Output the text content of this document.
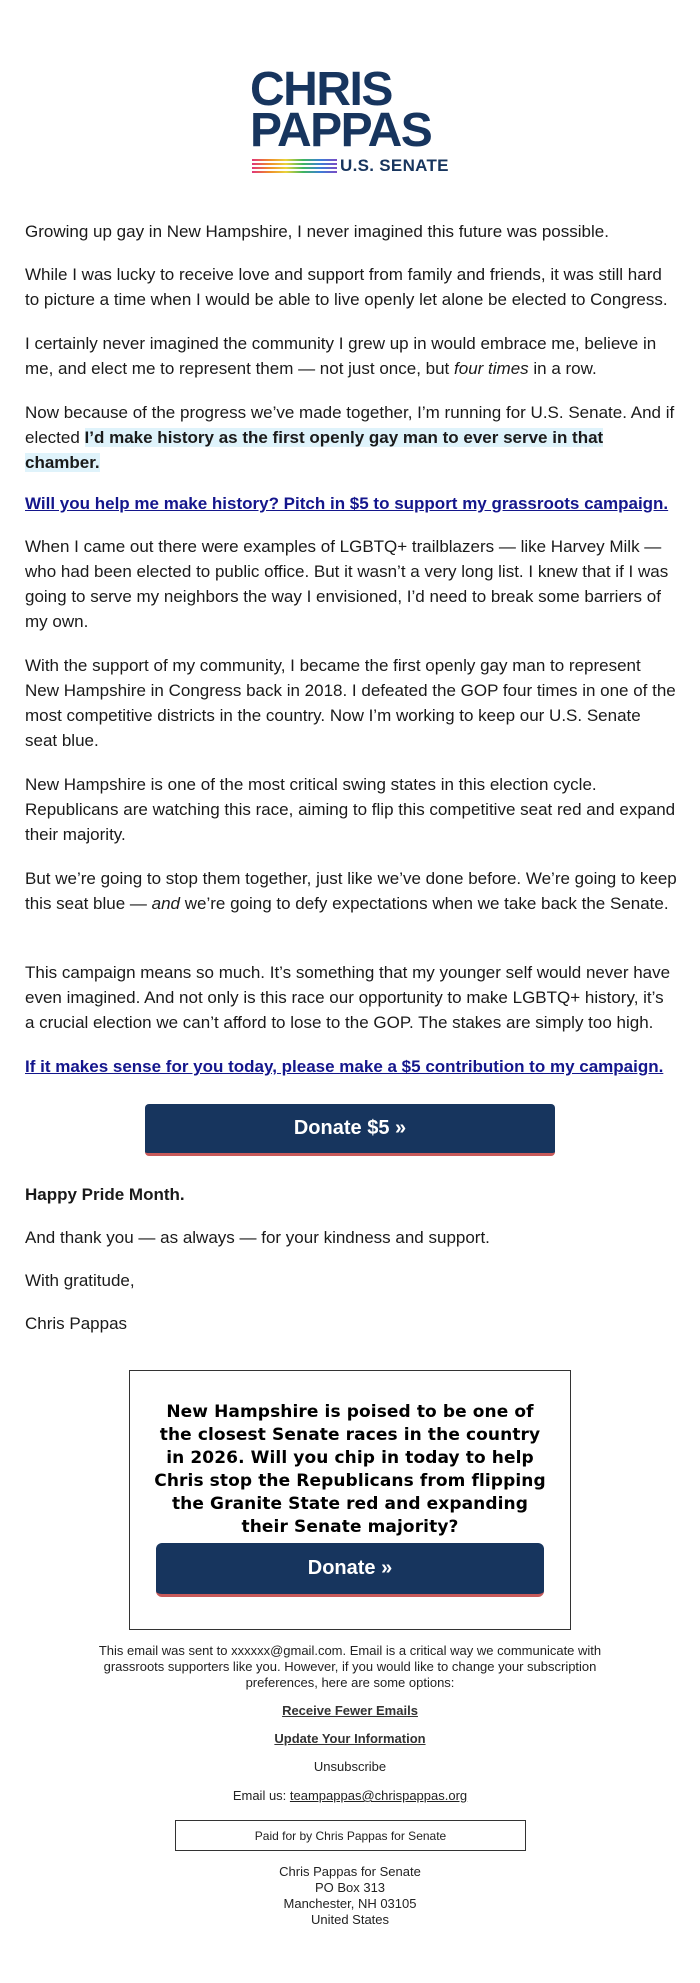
CHRIS
PAPPAS
U.S. SENATE

Growing up gay in New Hampshire, I never imagined this future was possible.

While I was lucky to receive love and support from family and friends, it was still hard to picture a time when I would be able to live openly let alone be elected to Congress.

I certainly never imagined the community I grew up in would embrace me, believe in me, and elect me to represent them — not just once, but four times in a row.

Now because of the progress we’ve made together, I’m running for U.S. Senate. And if elected I’d make history as the first openly gay man to ever serve in that chamber.

Will you help me make history? Pitch in $5 to support my grassroots campaign.

When I came out there were examples of LGBTQ+ trailblazers — like Harvey Milk — who had been elected to public office. But it wasn’t a very long list. I knew that if I was going to serve my neighbors the way I envisioned, I’d need to break some barriers of my own.

With the support of my community, I became the first openly gay man to represent New Hampshire in Congress back in 2018. I defeated the GOP four times in one of the most competitive districts in the country. Now I’m working to keep our U.S. Senate seat blue.

New Hampshire is one of the most critical swing states in this election cycle. Republicans are watching this race, aiming to flip this competitive seat red and expand their majority.

But we’re going to stop them together, just like we’ve done before. We’re going to keep this seat blue — and we’re going to defy expectations when we take back the Senate.

This campaign means so much. It’s something that my younger self would never have even imagined. And not only is this race our opportunity to make LGBTQ+ history, it’s a crucial election we can’t afford to lose to the GOP. The stakes are simply too high.

If it makes sense for you today, please make a $5 contribution to my campaign.

Donate $5 »

Happy Pride Month.

And thank you — as always — for your kindness and support.

With gratitude,

Chris Pappas

New Hampshire is poised to be one of the closest Senate races in the country in 2026. Will you chip in today to help Chris stop the Republicans from flipping the Granite State red and expanding their Senate majority?
Donate »
This email was sent to xxxxxx@gmail.com. Email is a critical way we communicate with grassroots supporters like you. However, if you would like to change your subscription preferences, here are some options:
Receive Fewer Emails
Update Your Information
Unsubscribe
Email us: teampappas@chrispappas.org
Paid for by Chris Pappas for Senate
Chris Pappas for Senate
PO Box 313
Manchester, NH 03105
United States
